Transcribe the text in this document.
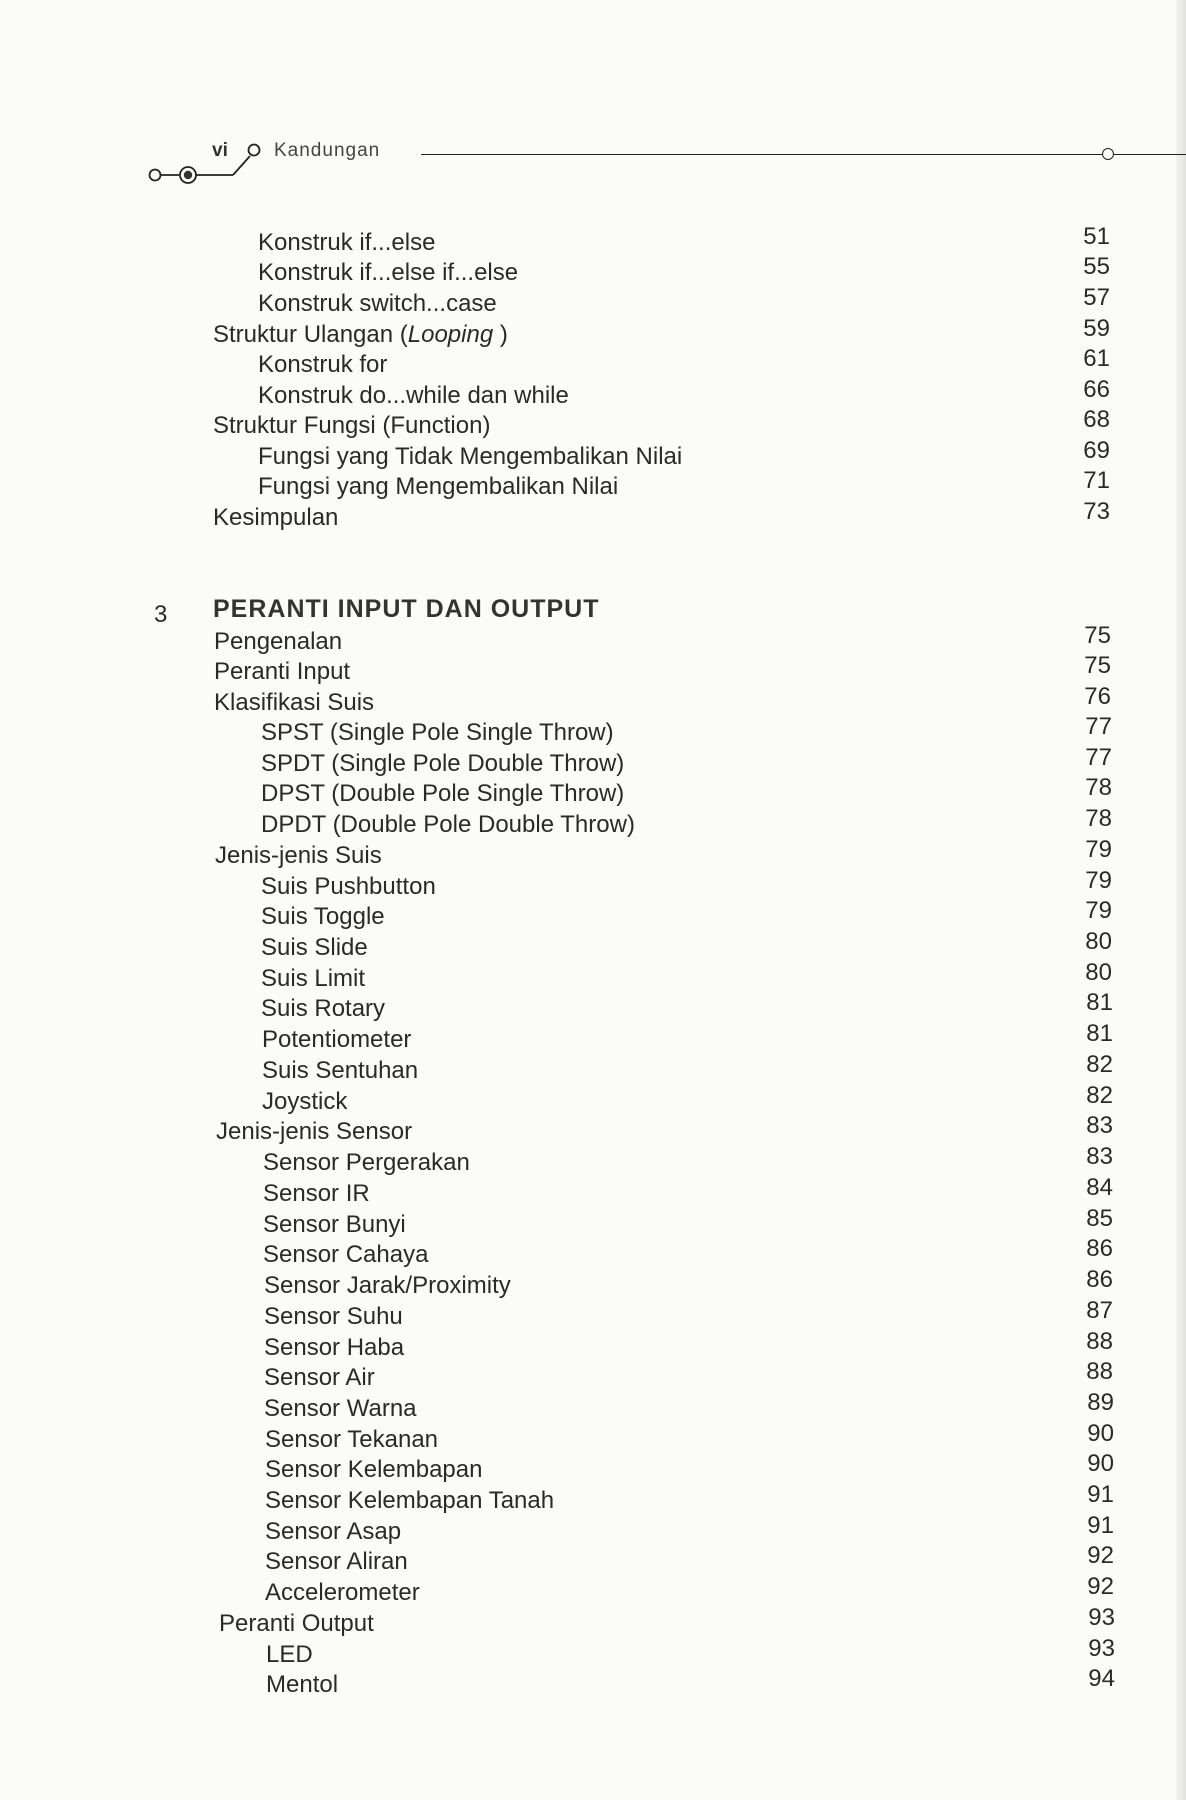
vi Kandungan
Konstruk if...else	51
Konstruk if...else if...else	55
Konstruk switch...case	57
Struktur Ulangan (Looping )	59
Konstruk for	61
Konstruk do...while dan while	66
Struktur Fungsi (Function)	68
Fungsi yang Tidak Mengembalikan Nilai	69
Fungsi yang Mengembalikan Nilai	71
Kesimpulan	73
3 PERANTI INPUT DAN OUTPUT
Pengenalan	75
Peranti Input	75
Klasifikasi Suis	76
SPST (Single Pole Single Throw)	77
SPDT (Single Pole Double Throw)	77
DPST (Double Pole Single Throw)	78
DPDT (Double Pole Double Throw)	78
Jenis-jenis Suis	79
Suis Pushbutton	79
Suis Toggle	79
Suis Slide	80
Suis Limit	80
Suis Rotary	81
Potentiometer	81
Suis Sentuhan	82
Joystick	82
Jenis-jenis Sensor	83
Sensor Pergerakan	83
Sensor IR	84
Sensor Bunyi	85
Sensor Cahaya	86
Sensor Jarak/Proximity	86
Sensor Suhu	87
Sensor Haba	88
Sensor Air	88
Sensor Warna	89
Sensor Tekanan	90
Sensor Kelembapan	90
Sensor Kelembapan Tanah	91
Sensor Asap	91
Sensor Aliran	92
Accelerometer	92
Peranti Output	93
LED	93
Mentol	94
